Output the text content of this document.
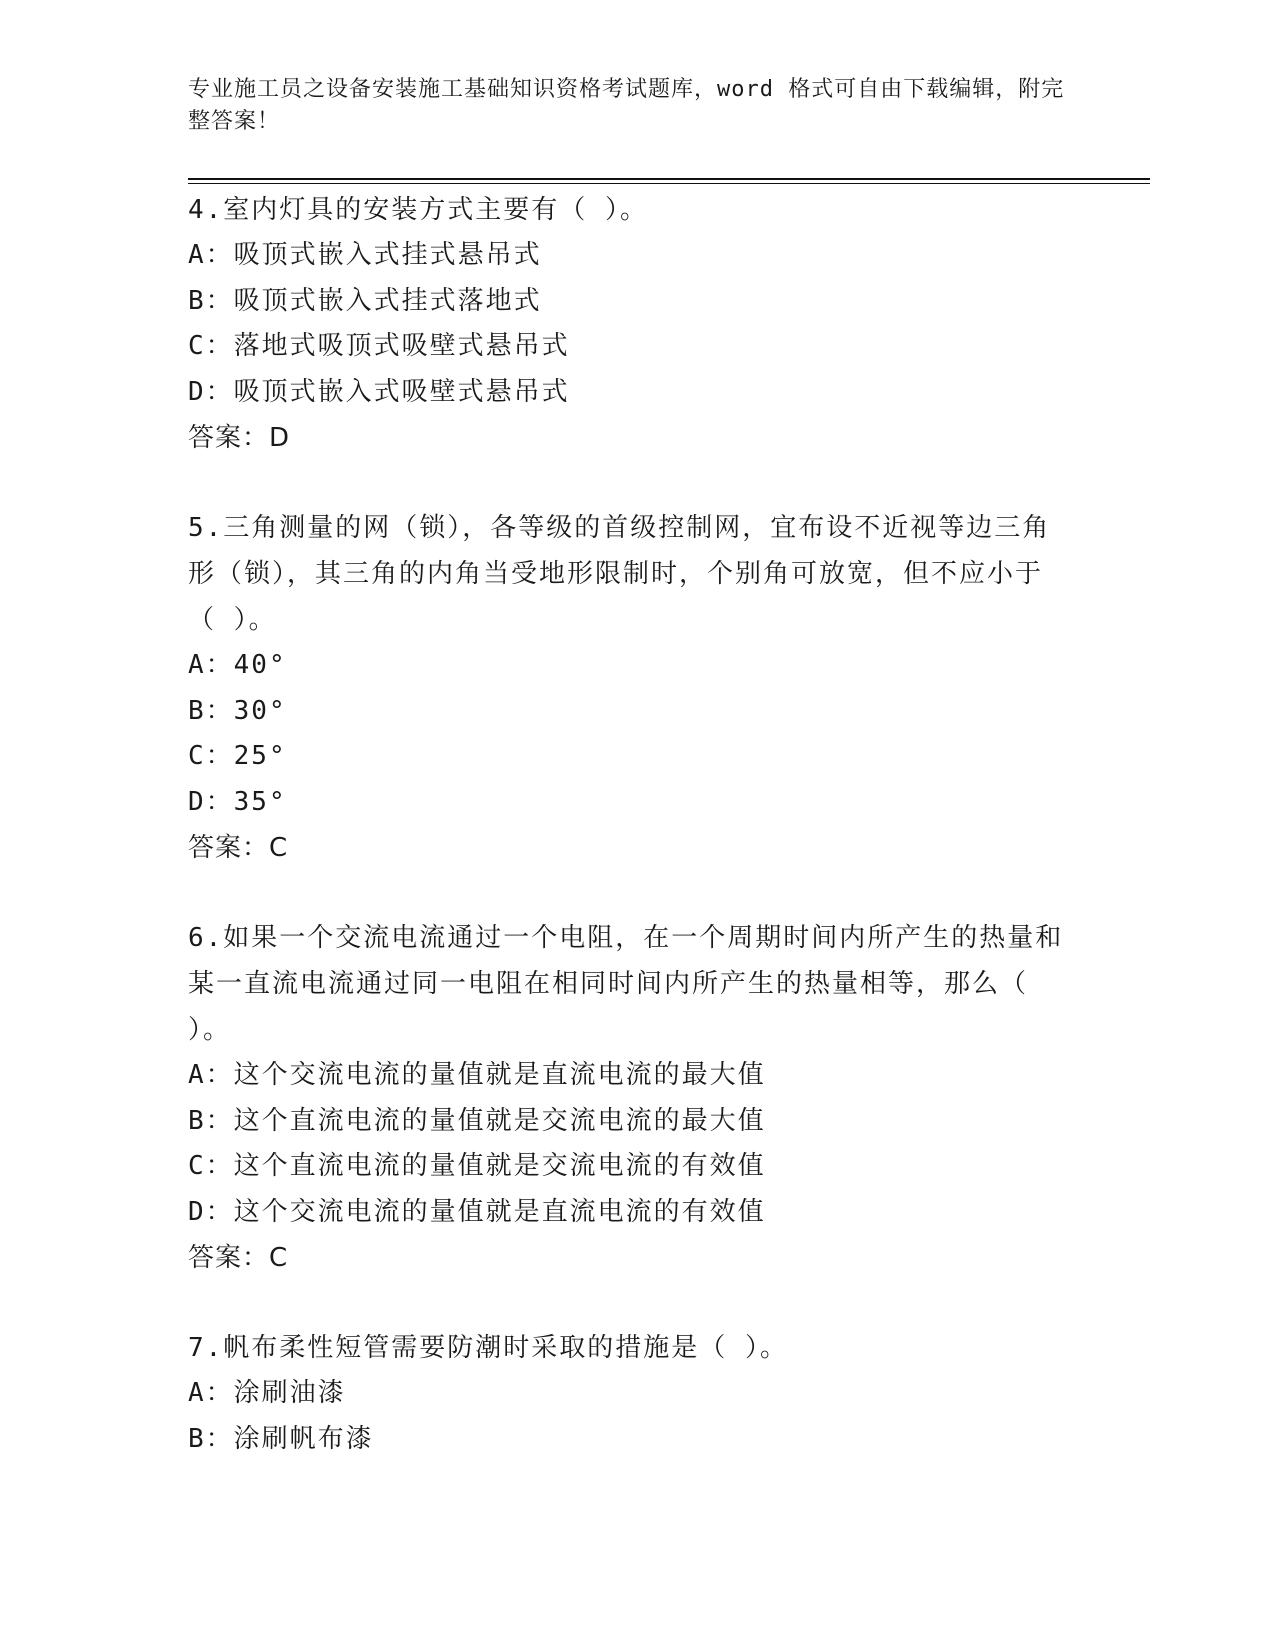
专业施工员之设备安装施工基础知识资格考试题库，word 格式可自由下载编辑，附完整答案！
4.室内灯具的安装方式主要有（ ）。
A：吸顶式嵌入式挂式悬吊式
B：吸顶式嵌入式挂式落地式
C：落地式吸顶式吸壁式悬吊式
D：吸顶式嵌入式吸壁式悬吊式
答案：D
5.三角测量的网（锁），各等级的首级控制网，宜布设不近视等边三角形（锁），其三角的内角当受地形限制时，个别角可放宽，但不应小于（ ）。
A：40°
B：30°
C：25°
D：35°
答案：C
6.如果一个交流电流通过一个电阻，在一个周期时间内所产生的热量和某一直流电流通过同一电阻在相同时间内所产生的热量相等，那么（ ）。
A：这个交流电流的量值就是直流电流的最大值
B：这个直流电流的量值就是交流电流的最大值
C：这个直流电流的量值就是交流电流的有效值
D：这个交流电流的量值就是直流电流的有效值
答案：C
7.帆布柔性短管需要防潮时采取的措施是（ ）。
A：涂刷油漆
B：涂刷帆布漆
